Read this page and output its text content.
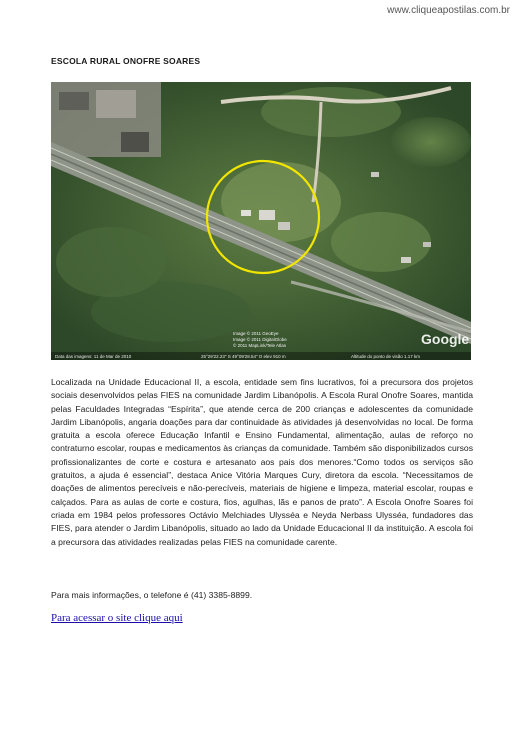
www.cliqueapostilas.com.br
ESCOLA RURAL ONOFRE SOARES
Data das imagens: 11 de Mar de 2010	25°29'22.23" S 49°09'28.54" O elev 910 m	Altitude do ponto de visão 1.17 km
Image © 2011 GeoEye
Image © 2011 DigitalGlobe
© 2011 MapLink/Tele Atlas	Google

Localizada na Unidade Educacional II, a escola, entidade sem fins lucrativos, foi a precursora dos projetos sociais desenvolvidos pelas FIES na comunidade Jardim Libanópolis. A Escola Rural Onofre Soares, mantida pelas Faculdades Integradas “Espírita”, que atende cerca de 200 crianças e adolescentes da comunidade Jardim Libanópolis, angaria doações para dar continuidade às atividades já desenvolvidas no local. De forma gratuita a escola oferece Educação Infantil e Ensino Fundamental, alimentação, aulas de reforço no contraturno escolar, roupas e medicamentos às crianças da comunidade. Também são disponibilizados cursos profissionalizantes de corte e costura e artesanato aos pais dos menores.“Como todos os serviços são gratuitos, a ajuda é essencial”, destaca Anice Vitória Marques Cury, diretora da escola. “Necessitamos de doações de alimentos perecíveis e não-perecíveis, materiais de higiene e limpeza, material escolar, roupas e calçados. Para as aulas de corte e costura, fios, agulhas, lãs e panos de prato”. A Escola Onofre Soares foi criada em 1984 pelos professores Octávio Melchiades Ulysséa e Neyda Nerbass Ulysséa, fundadores das FIES, para atender o Jardim Libanópolis, situado ao lado da Unidade Educacional II da instituição. A escola foi a precursora das atividades realizadas pelas FIES na comunidade carente.

Para mais informações, o telefone é (41) 3385-8899.
Para acessar o site clique aqui
